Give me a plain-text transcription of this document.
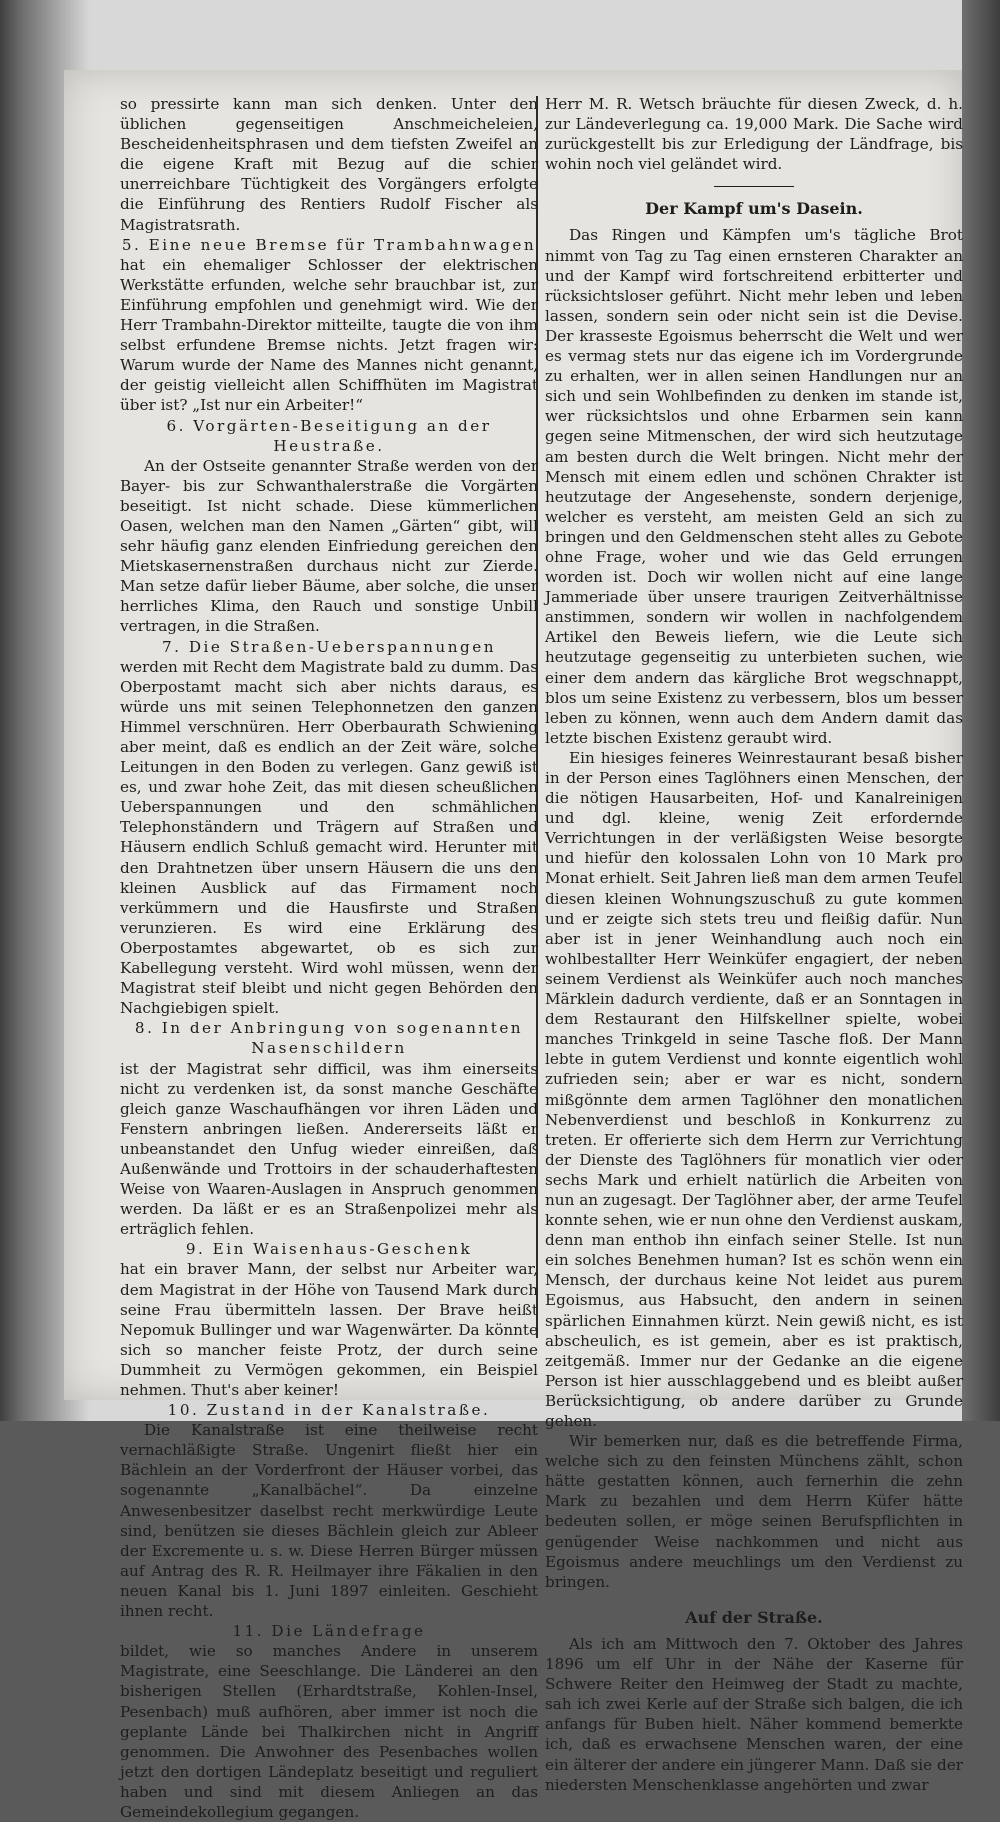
so pressirte kann man sich denken. Unter den üblichen gegenseitigen Anschmeicheleien, Bescheidenheitsphrasen und dem tiefsten Zweifel an die eigene Kraft mit Bezug auf die schier unerreichbare Tüchtigkeit des Vorgängers erfolgte die Einführung des Rentiers Rudolf Fischer als Magistratsrath.

5. Eine neue Bremse für Trambahnwagen

hat ein ehemaliger Schlosser der elektrischen Werkstätte erfunden, welche sehr brauchbar ist, zur Einführung empfohlen und genehmigt wird. Wie der Herr Trambahn-Direktor mitteilte, taugte die von ihm selbst erfundene Bremse nichts. Jetzt fragen wir: Warum wurde der Name des Mannes nicht genannt, der geistig vielleicht allen Schiffhüten im Magistrat über ist? „Ist nur ein Arbeiter!“

6. Vorgärten-Beseitigung an der Heustraße.

An der Ostseite genannter Straße werden von der Bayer- bis zur Schwanthalerstraße die Vorgärten beseitigt. Ist nicht schade. Diese kümmerlichen Oasen, welchen man den Namen „Gärten“ gibt, will sehr häufig ganz elenden Einfriedung gereichen den Mietskasernenstraßen durchaus nicht zur Zierde. Man setze dafür lieber Bäume, aber solche, die unser herrliches Klima, den Rauch und sonstige Unbill vertragen, in die Straßen.

7. Die Straßen-Ueberspannungen

werden mit Recht dem Magistrate bald zu dumm. Das Oberpostamt macht sich aber nichts daraus, es würde uns mit seinen Telephonnetzen den ganzen Himmel verschnüren. Herr Oberbaurath Schwiening aber meint, daß es endlich an der Zeit wäre, solche Leitungen in den Boden zu verlegen. Ganz gewiß ist es, und zwar hohe Zeit, das mit diesen scheußlichen Ueberspannungen und den schmählichen Telephonständern und Trägern auf Straßen und Häusern endlich Schluß gemacht wird. Herunter mit den Drahtnetzen über unsern Häusern die uns den kleinen Ausblick auf das Firmament noch verkümmern und die Hausfirste und Straßen verunzieren. Es wird eine Erklärung des Oberpostamtes abgewartet, ob es sich zur Kabellegung versteht. Wird wohl müssen, wenn der Magistrat steif bleibt und nicht gegen Behörden den Nachgiebigen spielt.

8. In der Anbringung von sogenannten Nasenschildern

ist der Magistrat sehr difficil, was ihm einerseits nicht zu verdenken ist, da sonst manche Geschäfte gleich ganze Waschaufhängen vor ihren Läden und Fenstern anbringen ließen. Andererseits läßt er unbeanstandet den Unfug wieder einreißen, daß Außenwände und Trottoirs in der schauderhaftesten Weise von Waaren-Auslagen in Anspruch genommen werden. Da läßt er es an Straßenpolizei mehr als erträglich fehlen.

9. Ein Waisenhaus-Geschenk

hat ein braver Mann, der selbst nur Arbeiter war, dem Magistrat in der Höhe von Tausend Mark durch seine Frau übermitteln lassen. Der Brave heißt Nepomuk Bullinger und war Wagenwärter. Da könnte sich so mancher feiste Protz, der durch seine Dummheit zu Vermögen gekommen, ein Beispiel nehmen. Thut's aber keiner!

10. Zustand in der Kanalstraße.

Die Kanalstraße ist eine theilweise recht vernachläßigte Straße. Ungenirt fließt hier ein Bächlein an der Vorderfront der Häuser vorbei, das sogenannte „Kanalbächel“. Da einzelne Anwesenbesitzer daselbst recht merkwürdige Leute sind, benützen sie dieses Bächlein gleich zur Ableer der Excremente u. s. w. Diese Herren Bürger müssen auf Antrag des R. R. Heilmayer ihre Fäkalien in den neuen Kanal bis 1. Juni 1897 einleiten. Geschieht ihnen recht.

11. Die Ländefrage

bildet, wie so manches Andere in unserem Magistrate, eine Seeschlange. Die Länderei an den bisherigen Stellen (Erhardtstraße, Kohlen-Insel, Pesenbach) muß aufhören, aber immer ist noch die geplante Lände bei Thalkirchen nicht in Angriff genommen. Die Anwohner des Pesenbaches wollen jetzt den dortigen Ländeplatz beseitigt und reguliert haben und sind mit diesem Anliegen an das Gemeindekollegium gegangen.

Herr M. R. Wetsch bräuchte für diesen Zweck, d. h. zur Ländeverlegung ca. 19,000 Mark. Die Sache wird zurückgestellt bis zur Erledigung der Ländfrage, bis wohin noch viel geländet wird.

Der Kampf um's Dasein.

Das Ringen und Kämpfen um's tägliche Brot nimmt von Tag zu Tag einen ernsteren Charakter an und der Kampf wird fortschreitend erbitterter und rücksichtsloser geführt. Nicht mehr leben und leben lassen, sondern sein oder nicht sein ist die Devise. Der krasseste Egoismus beherrscht die Welt und wer es vermag stets nur das eigene ich im Vordergrunde zu erhalten, wer in allen seinen Handlungen nur an sich und sein Wohlbefinden zu denken im stande ist, wer rücksichtslos und ohne Erbarmen sein kann gegen seine Mitmenschen, der wird sich heutzutage am besten durch die Welt bringen. Nicht mehr der Mensch mit einem edlen und schönen Chrakter ist heutzutage der Angesehenste, sondern derjenige, welcher es versteht, am meisten Geld an sich zu bringen und den Geldmenschen steht alles zu Gebote ohne Frage, woher und wie das Geld errungen worden ist. Doch wir wollen nicht auf eine lange Jammeriade über unsere traurigen Zeitverhältnisse anstimmen, sondern wir wollen in nachfolgendem Artikel den Beweis liefern, wie die Leute sich heutzutage gegenseitig zu unterbieten suchen, wie einer dem andern das kärgliche Brot wegschnappt, blos um seine Existenz zu verbessern, blos um besser leben zu können, wenn auch dem Andern damit das letzte bischen Existenz geraubt wird.

Ein hiesiges feineres Weinrestaurant besaß bisher in der Person eines Taglöhners einen Menschen, der die nötigen Hausarbeiten, Hof- und Kanalreinigen und dgl. kleine, wenig Zeit erfordernde Verrichtungen in der verläßigsten Weise besorgte und hiefür den kolossalen Lohn von 10 Mark pro Monat erhielt. Seit Jahren ließ man dem armen Teufel diesen kleinen Wohnungszuschuß zu gute kommen und er zeigte sich stets treu und fleißig dafür. Nun aber ist in jener Weinhandlung auch noch ein wohlbestallter Herr Weinküfer engagiert, der neben seinem Verdienst als Weinküfer auch noch manches Märklein dadurch verdiente, daß er an Sonntagen in dem Restaurant den Hilfskellner spielte, wobei manches Trinkgeld in seine Tasche floß. Der Mann lebte in gutem Verdienst und konnte eigentlich wohl zufrieden sein; aber er war es nicht, sondern mißgönnte dem armen Taglöhner den monatlichen Nebenverdienst und beschloß in Konkurrenz zu treten. Er offerierte sich dem Herrn zur Verrichtung der Dienste des Taglöhners für monatlich vier oder sechs Mark und erhielt natürlich die Arbeiten von nun an zugesagt. Der Taglöhner aber, der arme Teufel konnte sehen, wie er nun ohne den Verdienst auskam, denn man enthob ihn einfach seiner Stelle. Ist nun ein solches Benehmen human? Ist es schön wenn ein Mensch, der durchaus keine Not leidet aus purem Egoismus, aus Habsucht, den andern in seinen spärlichen Einnahmen kürzt. Nein gewiß nicht, es ist abscheulich, es ist gemein, aber es ist praktisch, zeitgemäß. Immer nur der Gedanke an die eigene Person ist hier ausschlaggebend und es bleibt außer Berücksichtigung, ob andere darüber zu Grunde gehen.

Wir bemerken nur, daß es die betreffende Firma, welche sich zu den feinsten Münchens zählt, schon hätte gestatten können, auch fernerhin die zehn Mark zu bezahlen und dem Herrn Küfer hätte bedeuten sollen, er möge seinen Berufspflichten in genügender Weise nachkommen und nicht aus Egoismus andere meuchlings um den Verdienst zu bringen.

Auf der Straße.

Als ich am Mittwoch den 7. Oktober des Jahres 1896 um elf Uhr in der Nähe der Kaserne für Schwere Reiter den Heimweg der Stadt zu machte, sah ich zwei Kerle auf der Straße sich balgen, die ich anfangs für Buben hielt. Näher kommend bemerkte ich, daß es erwachsene Menschen waren, der eine ein älterer der andere ein jüngerer Mann. Daß sie der niedersten Menschenklasse angehörten und zwar
